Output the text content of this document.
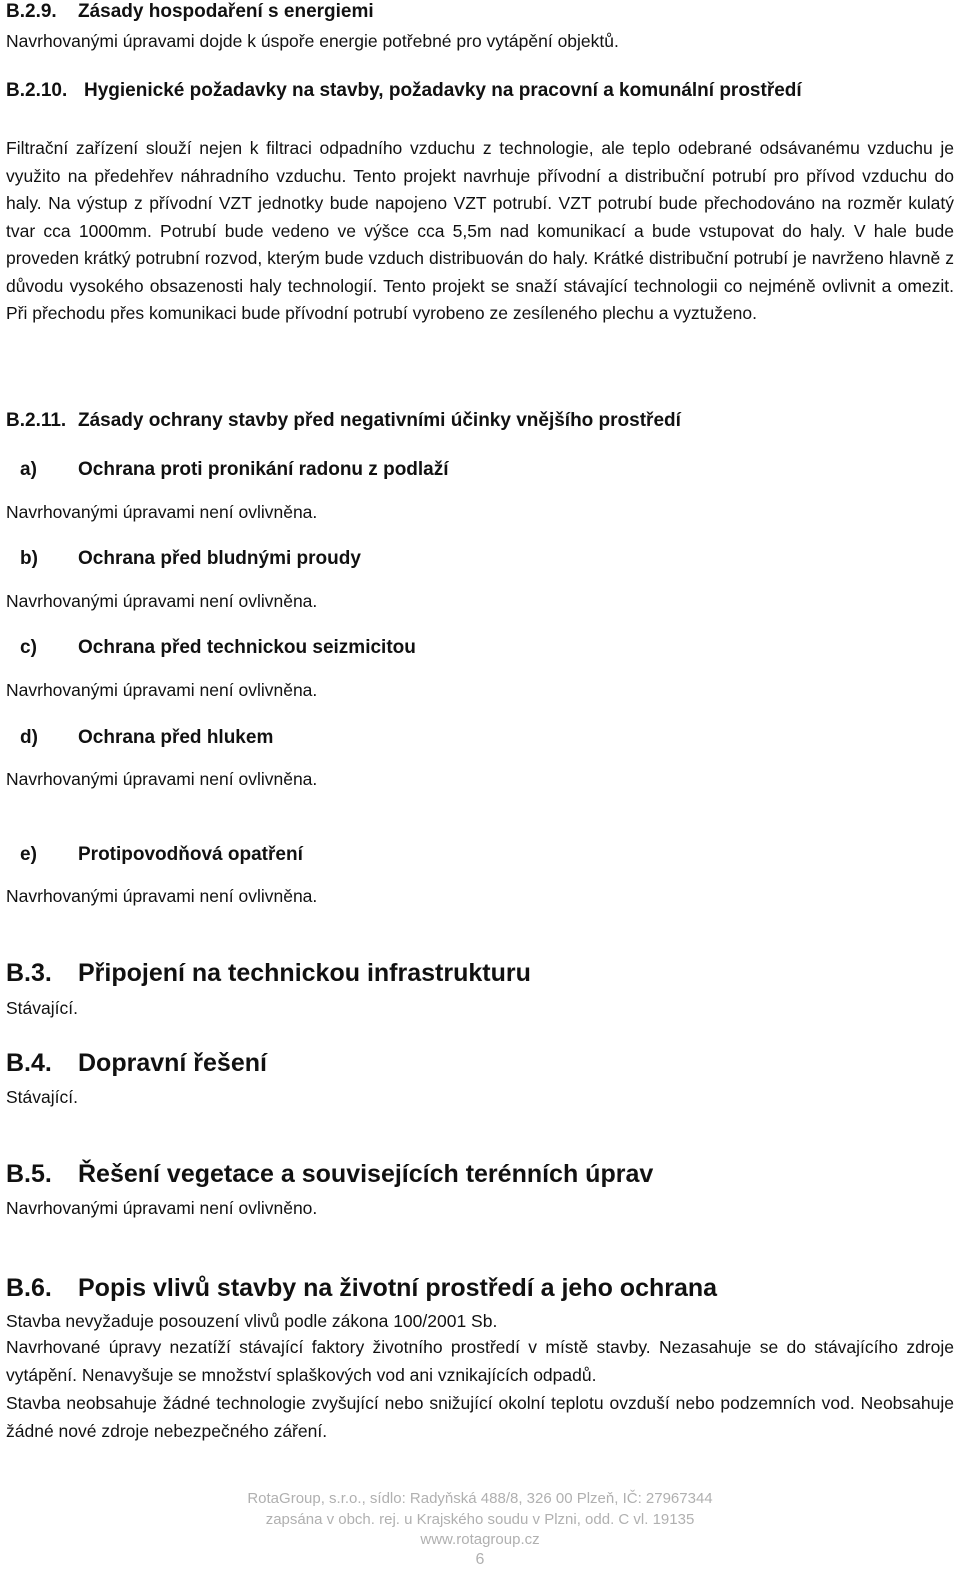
B.2.9. Zásady hospodaření s energiemi

Navrhovanými úpravami dojde k úspoře energie potřebné pro vytápění objektů.

B.2.10. Hygienické požadavky na stavby, požadavky na pracovní a komunální prostředí

Filtrační zařízení slouží nejen k filtraci odpadního vzduchu z technologie, ale teplo odebrané odsávanému vzduchu je využito na předehřev náhradního vzduchu. Tento projekt navrhuje přívodní a distribuční potrubí pro přívod vzduchu do haly. Na výstup z přívodní VZT jednotky bude napojeno VZT potrubí. VZT potrubí bude přechodováno na rozměr kulatý tvar cca 1000mm. Potrubí bude vedeno ve výšce cca 5,5m nad komunikací a bude vstupovat do haly. V hale bude proveden krátký potrubní rozvod, kterým bude vzduch distribuován do haly. Krátké distribuční potrubí je navrženo hlavně z důvodu vysokého obsazenosti haly technologií. Tento projekt se snaží stávající technologii co nejméně ovlivnit a omezit. Při přechodu přes komunikaci bude přívodní potrubí vyrobeno ze zesíleného plechu a vyztuženo.

B.2.11. Zásady ochrany stavby před negativními účinky vnějšího prostředí
a) Ochrana proti pronikání radonu z podlaží

Navrhovanými úpravami není ovlivněna.

b) Ochrana před bludnými proudy

Navrhovanými úpravami není ovlivněna.

c) Ochrana před technickou seizmicitou

Navrhovanými úpravami není ovlivněna.

d) Ochrana před hlukem

Navrhovanými úpravami není ovlivněna.

e) Protipovodňová opatření

Navrhovanými úpravami není ovlivněna.

B.3. Připojení na technickou infrastrukturu

Stávající.

B.4. Dopravní řešení

Stávající.

B.5. Řešení vegetace a souvisejících terénních úprav

Navrhovanými úpravami není ovlivněno.

B.6. Popis vlivů stavby na životní prostředí a jeho ochrana

Stavba nevyžaduje posouzení vlivů podle zákona 100/2001 Sb.

Navrhované úpravy nezatíží stávající faktory životního prostředí v místě stavby. Nezasahuje se do stávajícího zdroje vytápění. Nenavyšuje se množství splaškových vod ani vznikajících odpadů.

Stavba neobsahuje žádné technologie zvyšující nebo snižující okolní teplotu ovzduší nebo podzemních vod. Neobsahuje žádné nové zdroje nebezpečného záření.

RotaGroup, s.r.o., sídlo: Radyňská 488/8, 326 00 Plzeň, IČ: 27967344
zapsána v obch. rej. u Krajského soudu v Plzni, odd. C vl. 19135
www.rotagroup.cz
6
